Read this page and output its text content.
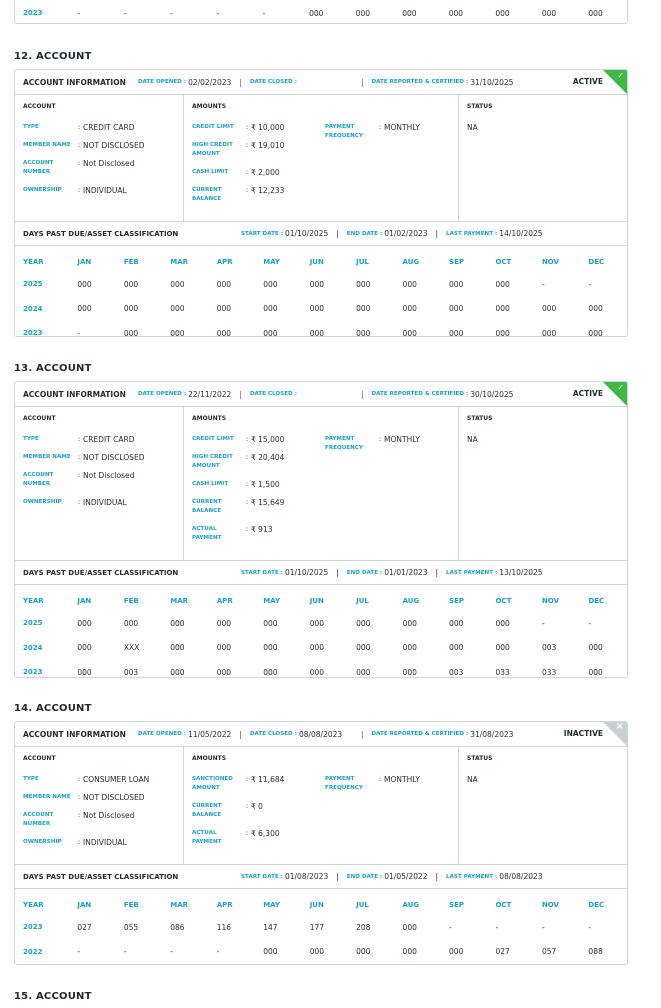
2023	-	-	-	-	-	000	000	000	000	000	000	000
12. ACCOUNT
ACCOUNT INFORMATION DATE OPENED : 02/02/2023 | DATE CLOSED :	| DATE REPORTED & CERTIFIED : 31/10/2025	ACTIVE
✓
ACCOUNT
TYPE	: CREDIT CARD
MEMBER NAME	: NOT DISCLOSED
ACCOUNT NUMBER
: Not Disclosed
OWNERSHIP	: INDIVIDUAL
AMOUNTS
CREDIT LIMIT	: ₹ 10,000
HIGH CREDIT AMOUNT
: ₹ 19,010
CASH LIMIT	: ₹ 2,000
CURRENT BALANCE
: ₹ 12,233
PAYMENT FREQUENCY
: MONTHLY
STATUS
NA
DAYS PAST DUE/ASSET CLASSIFICATION	START DATE : 01/10/2025 | END DATE : 01/02/2023 | LAST PAYMENT : 14/10/2025
YEAR	JAN	FEB	MAR	APR	MAY	JUN	JUL	AUG	SEP	OCT	NOV	DEC
2025	000	000	000	000	000	000	000	000	000	000	-	-
2024	000	000	000	000	000	000	000	000	000	000	000	000
2023	-	000	000	000	000	000	000	000	000	000	000	000
13. ACCOUNT
ACCOUNT INFORMATION DATE OPENED : 22/11/2022 | DATE CLOSED :	| DATE REPORTED & CERTIFIED : 30/10/2025	ACTIVE
✓
ACCOUNT
TYPE	: CREDIT CARD
MEMBER NAME	: NOT DISCLOSED
ACCOUNT NUMBER
: Not Disclosed
OWNERSHIP	: INDIVIDUAL
AMOUNTS
CREDIT LIMIT	: ₹ 15,000
HIGH CREDIT AMOUNT
: ₹ 20,404
CASH LIMIT	: ₹ 1,500
CURRENT BALANCE
: ₹ 15,649
ACTUAL PAYMENT
: ₹ 913
PAYMENT FREQUENCY
: MONTHLY
STATUS
NA
DAYS PAST DUE/ASSET CLASSIFICATION	START DATE : 01/10/2025 | END DATE : 01/01/2023 | LAST PAYMENT : 13/10/2025
YEAR	JAN	FEB	MAR	APR	MAY	JUN	JUL	AUG	SEP	OCT	NOV	DEC
2025	000	000	000	000	000	000	000	000	000	000	-	-
2024	000	XXX	000	000	000	000	000	000	000	000	003	000
2023	000	003	000	000	000	000	000	000	003	033	033	000
14. ACCOUNT
ACCOUNT INFORMATION DATE OPENED : 11/05/2022 | DATE CLOSED : 08/08/2023	| DATE REPORTED & CERTIFIED : 31/08/2023	INACTIVE
×
ACCOUNT
TYPE	: CONSUMER LOAN
MEMBER NAME	: NOT DISCLOSED
ACCOUNT NUMBER
: Not Disclosed
OWNERSHIP	: INDIVIDUAL
AMOUNTS
SANCTIONED AMOUNT
: ₹ 11,684
CURRENT BALANCE
: ₹ 0
ACTUAL PAYMENT
: ₹ 6,300
PAYMENT FREQUENCY
: MONTHLY
STATUS
NA
DAYS PAST DUE/ASSET CLASSIFICATION	START DATE : 01/08/2023 | END DATE : 01/05/2022 | LAST PAYMENT : 08/08/2023
YEAR	JAN	FEB	MAR	APR	MAY	JUN	JUL	AUG	SEP	OCT	NOV	DEC
2023	027	055	086	116	147	177	208	000	-	-	-	-
2022	-	-	-	-	000	000	000	000	000	027	057	088
15. ACCOUNT
